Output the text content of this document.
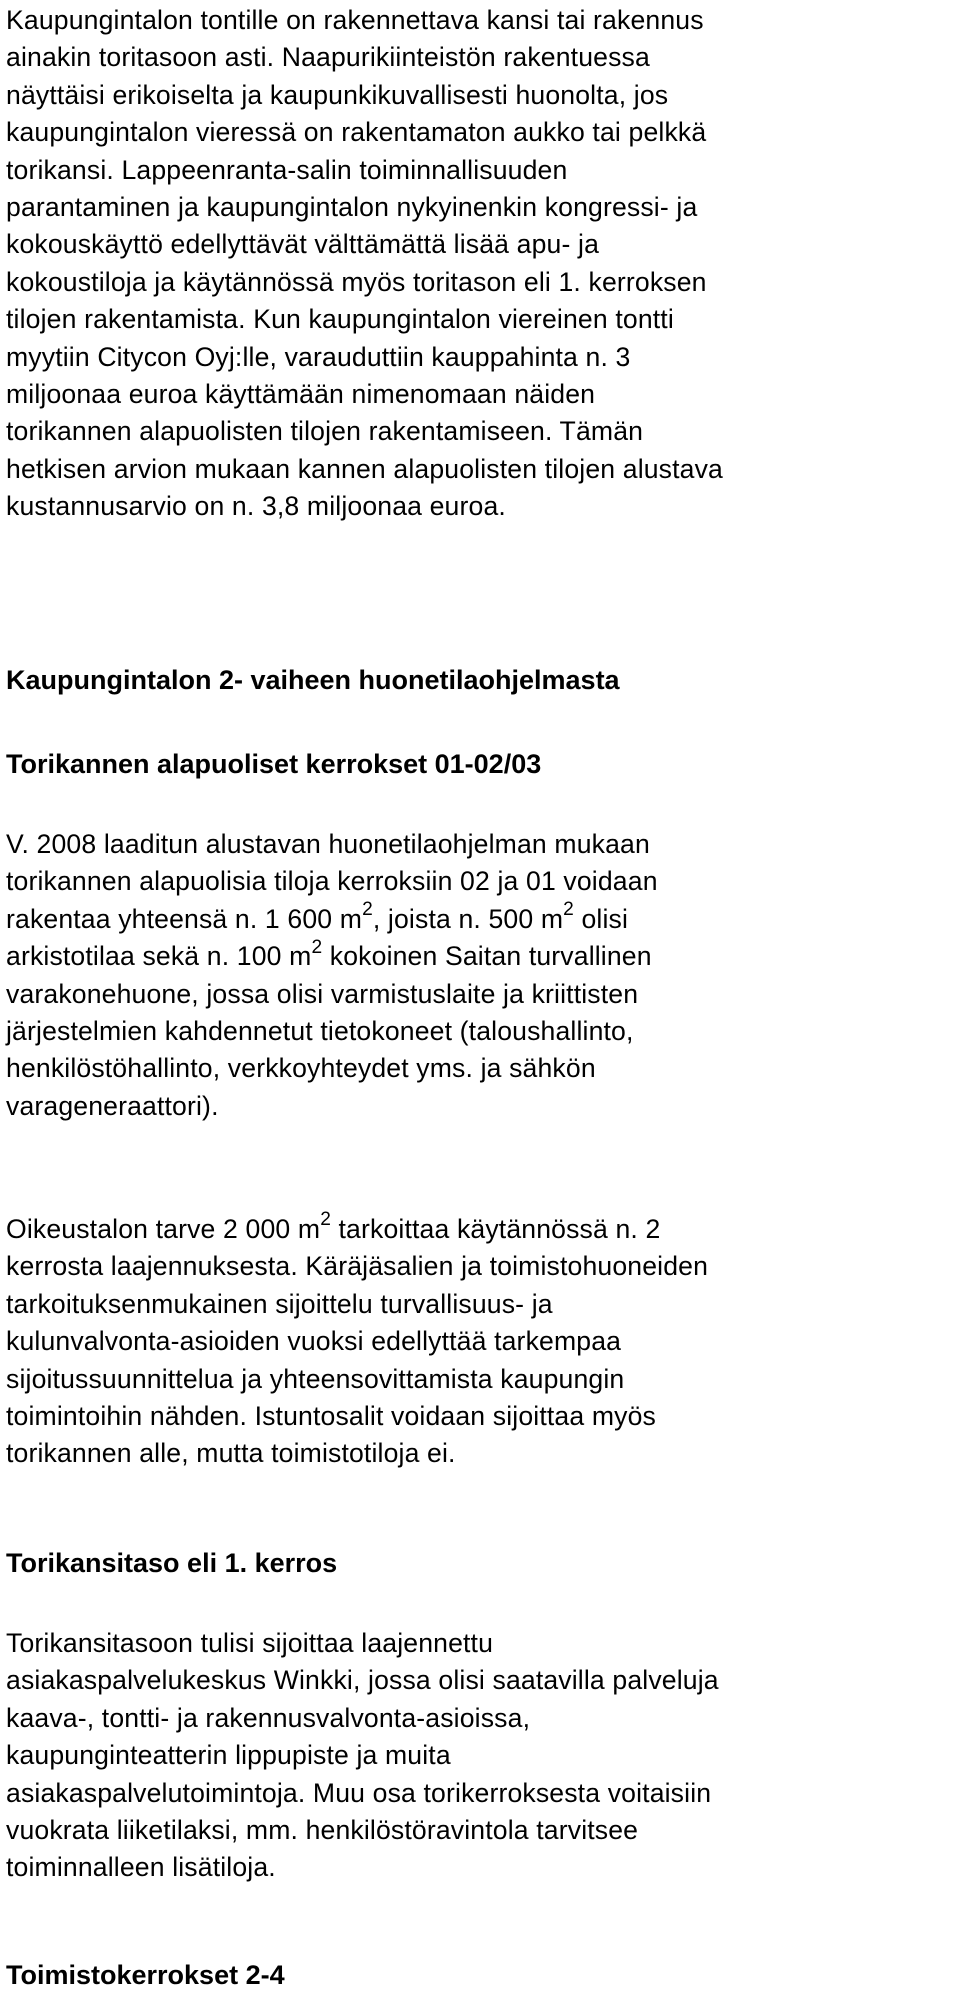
Kaupungintalon tontille on rakennettava kansi tai rakennus
ainakin toritasoon asti. Naapurikiinteistön rakentuessa
näyttäisi erikoiselta ja kaupunkikuvallisesti huonolta, jos
kaupungintalon vieressä on rakentamaton aukko tai pelkkä
torikansi. Lappeenranta-salin toiminnallisuuden
parantaminen ja kaupungintalon nykyinenkin kongressi- ja
kokouskäyttö edellyttävät välttämättä lisää apu- ja
kokoustiloja ja käytännössä myös toritason eli 1. kerroksen
tilojen rakentamista. Kun kaupungintalon viereinen tontti
myytiin Citycon Oyj:lle, varauduttiin kauppahinta n. 3
miljoonaa euroa käyttämään nimenomaan näiden
torikannen alapuolisten tilojen rakentamiseen. Tämän
hetkisen arvion mukaan kannen alapuolisten tilojen alustava
kustannusarvio on n. 3,8 miljoonaa euroa.

Kaupungintalon 2- vaiheen huonetilaohjelmasta
Torikannen alapuoliset kerrokset 01-02/03

V. 2008 laaditun alustavan huonetilaohjelman mukaan
torikannen alapuolisia tiloja kerroksiin 02 ja 01 voidaan
rakentaa yhteensä n. 1 600 $m^2$, joista n. 500 $m^2$ olisi
arkistotilaa sekä n. 100 $m^2$ kokoinen Saitan turvallinen
varakonehuone, jossa olisi varmistuslaite ja kriittisten
järjestelmien kahdennetut tietokoneet (taloushallinto,
henkilöstöhallinto, verkkoyhteydet yms. ja sähkön
varageneraattori).

Oikeustalon tarve 2 000 $m^2$ tarkoittaa käytännössä n. 2
kerrosta laajennuksesta. Käräjäsalien ja toimistohuoneiden
tarkoituksenmukainen sijoittelu turvallisuus- ja
kulunvalvonta-asioiden vuoksi edellyttää tarkempaa
sijoitussuunnittelua ja yhteensovittamista kaupungin
toimintoihin nähden. Istuntosalit voidaan sijoittaa myös
torikannen alle, mutta toimistotiloja ei.

Torikansitaso eli 1. kerros

Torikansitasoon tulisi sijoittaa laajennettu
asiakaspalvelukeskus Winkki, jossa olisi saatavilla palveluja
kaava-, tontti- ja rakennusvalvonta-asioissa,
kaupunginteatterin lippupiste ja muita
asiakaspalvelutoimintoja. Muu osa torikerroksesta voitaisiin
vuokrata liiketilaksi, mm. henkilöstöravintola tarvitsee
toiminnalleen lisätiloja.

Toimistokerrokset 2-4
